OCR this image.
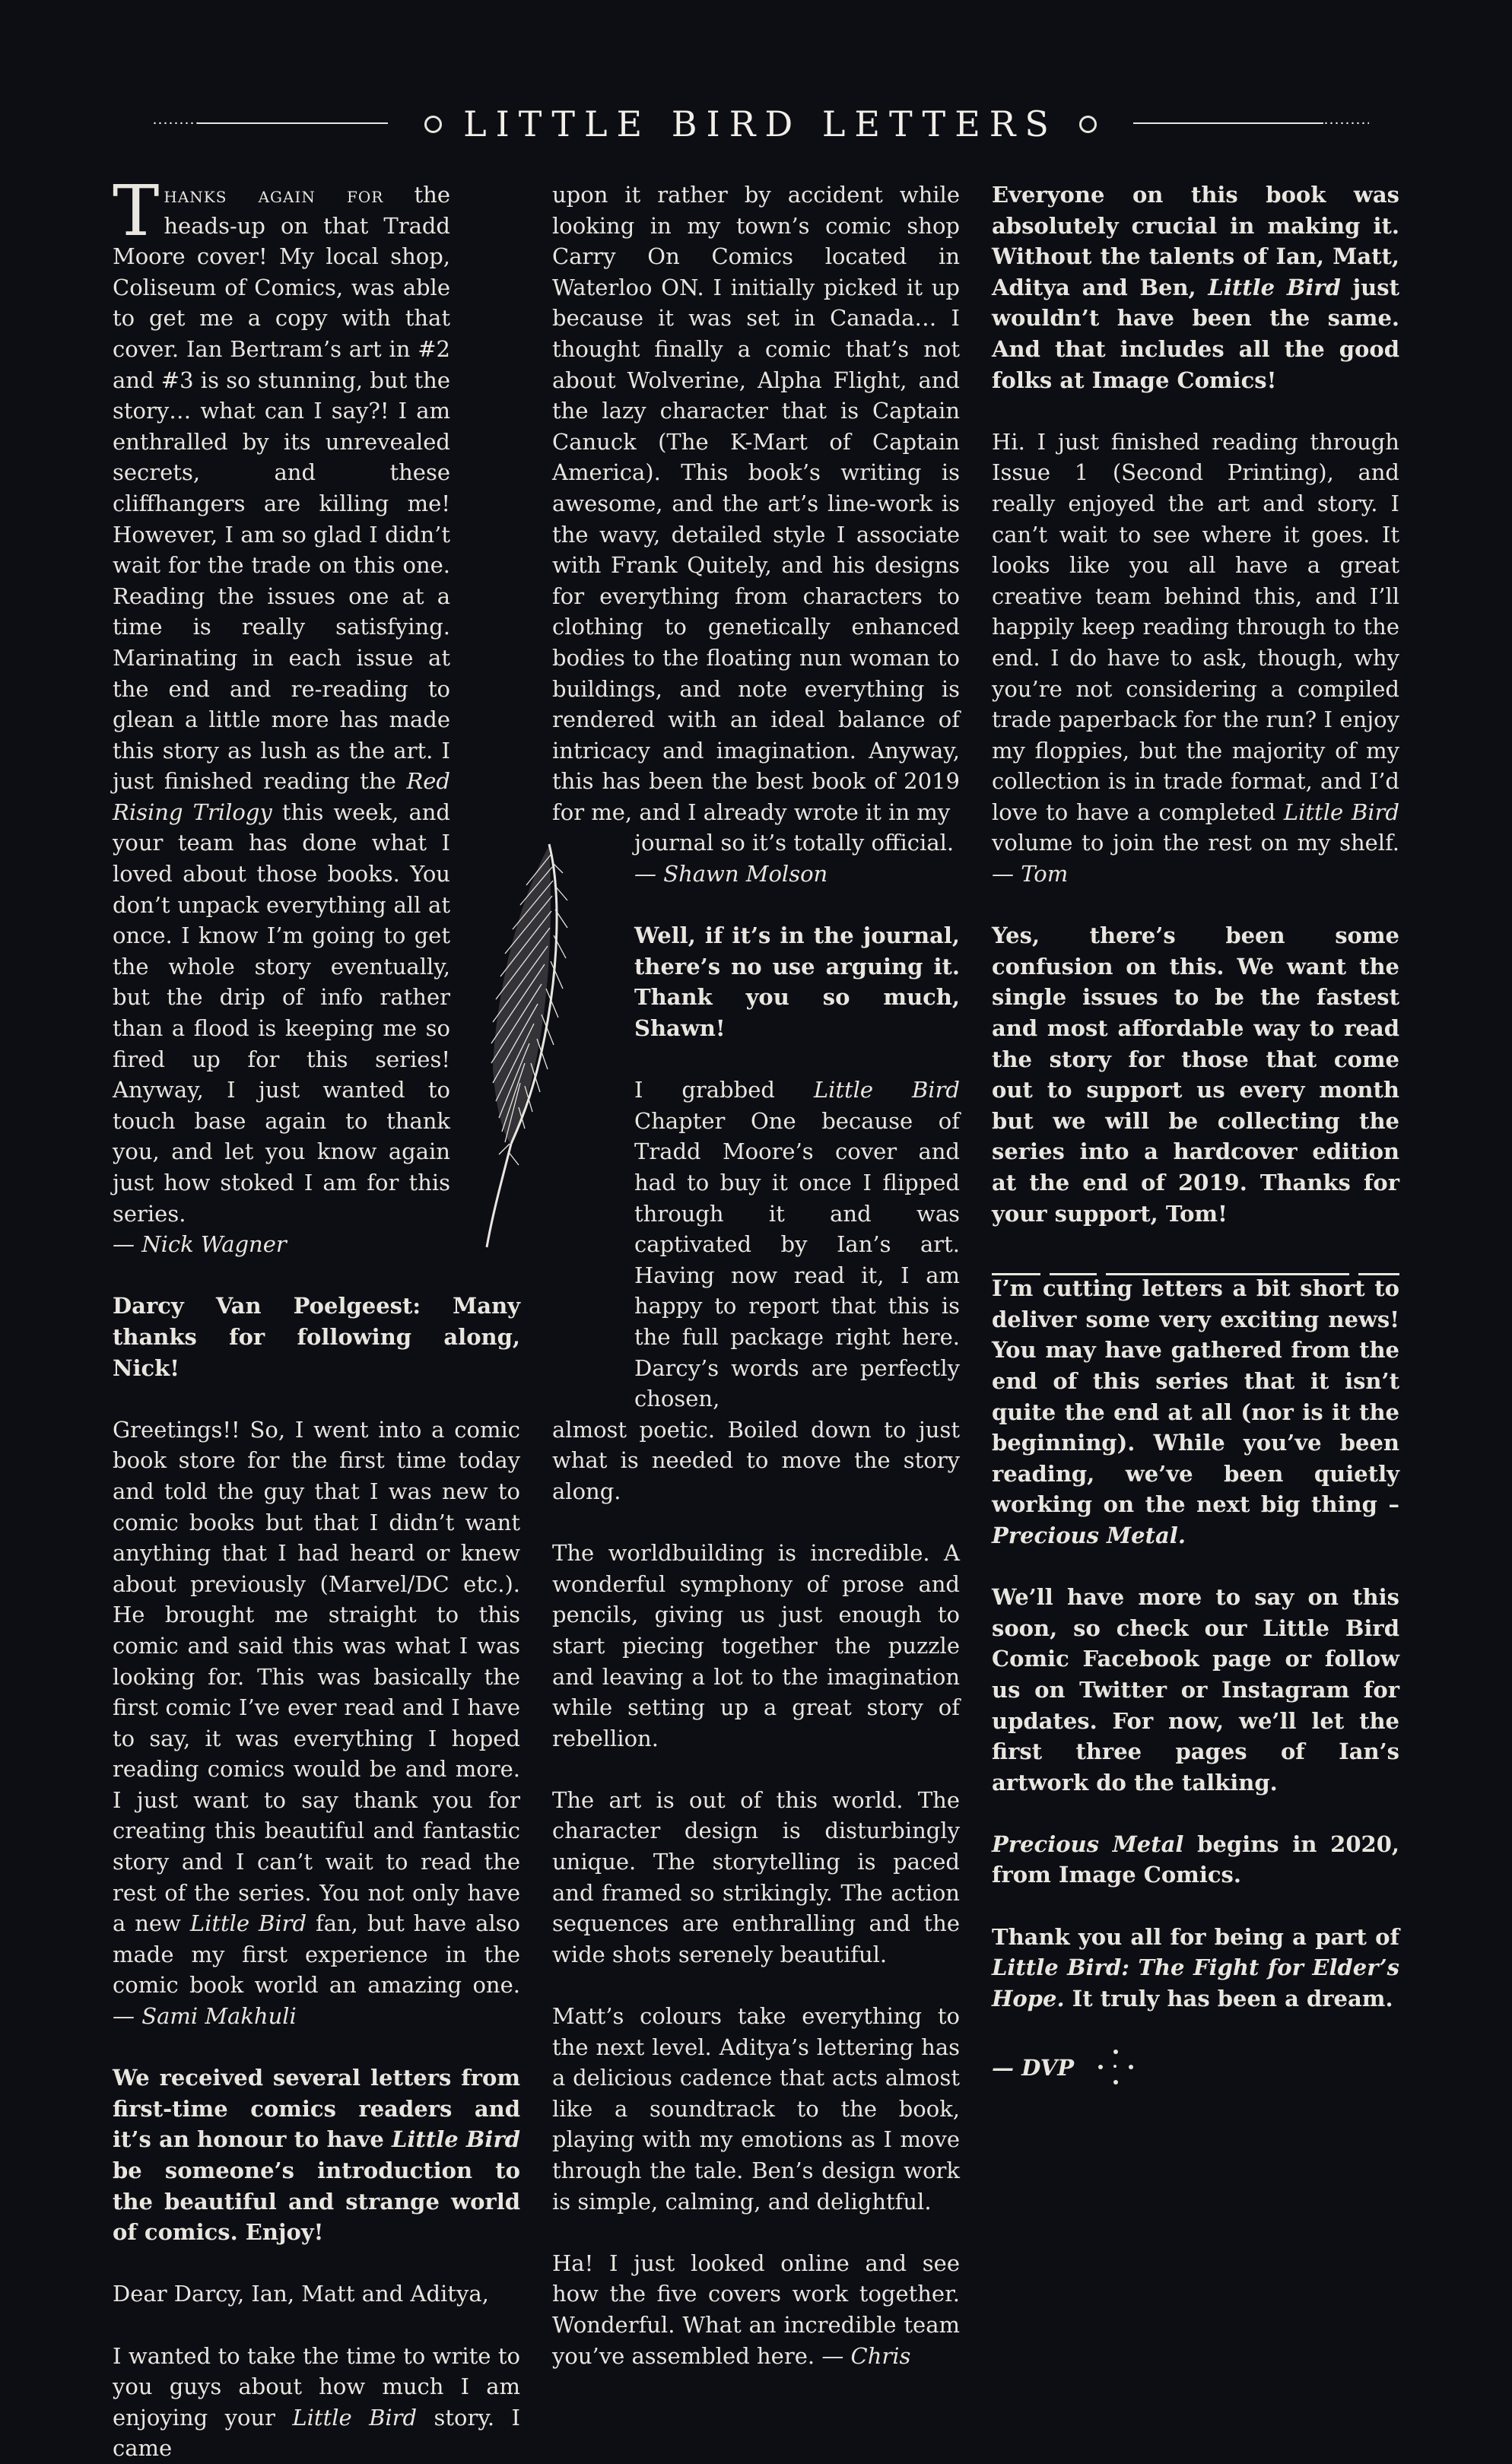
LITTLE BIRD LETTERS

Thanks again for the heads-up on that Tradd Moore cover! My local shop, Coliseum of Comics, was able to get me a copy with that cover. Ian Bertram’s art in #2 and #3 is so stunning, but the story… what can I say?! I am enthralled by its unrevealed secrets, and these cliffhangers are killing me! However, I am so glad I didn’t wait for the trade on this one. Reading the issues one at a time is really satisfying. Marinating in each issue at the end and re-reading to glean a little more has made this story as lush as the art. I just finished reading the Red Rising Trilogy this week, and your team has done what I loved about those books. You don’t unpack everything all at once. I know I’m going to get the whole story eventually, but the drip of info rather than a flood is keeping me so fired up for this series! Anyway, I just wanted to touch base again to thank you, and let you know again just how stoked I am for this series.
— Nick Wagner

Darcy Van Poelgeest: Many thanks for following along, Nick!

Greetings!! So, I went into a comic book store for the first time today and told the guy that I was new to comic books but that I didn’t want anything that I had heard or knew about previously (Marvel/DC etc.). He brought me straight to this comic and said this was what I was looking for. This was basically the first comic I’ve ever read and I have to say, it was everything I hoped reading comics would be and more. I just want to say thank you for creating this beautiful and fantastic story and I can’t wait to read the rest of the series. You not only have a new Little Bird fan, but have also made my first experience in the comic book world an amazing one. — Sami Makhuli

We received several letters from first-time comics readers and it’s an honour to have Little Bird be someone’s introduction to the beautiful and strange world of comics. Enjoy!

Dear Darcy, Ian, Matt and Aditya,

I wanted to take the time to write to you guys about how much I am enjoying your Little Bird story. I came

upon it rather by accident while looking in my town’s comic shop Carry On Comics located in Waterloo ON. I initially picked it up because it was set in Canada… I thought finally a comic that’s not about Wolverine, Alpha Flight, and the lazy character that is Captain Canuck (The K-Mart of Captain America). This book’s writing is awesome, and the art’s line-work is the wavy, detailed style I associate with Frank Quitely, and his designs for everything from characters to clothing to genetically enhanced bodies to the floating nun woman to buildings, and note everything is rendered with an ideal balance of intricacy and imagination. Anyway, this has been the best book of 2019 for me, and I already wrote it in my

journal so it’s totally official.
— Shawn Molson

Well, if it’s in the journal, there’s no use arguing it. Thank you so much, Shawn!

I grabbed Little Bird Chapter One because of Tradd Moore’s cover and had to buy it once I flipped through it and was captivated by Ian’s art. Having now read it, I am happy to report that this is the full package right here. Darcy’s words are perfectly chosen,

almost poetic. Boiled down to just what is needed to move the story along.

The worldbuilding is incredible. A wonderful symphony of prose and pencils, giving us just enough to start piecing together the puzzle and leaving a lot to the imagination while setting up a great story of rebellion.

The art is out of this world. The character design is disturbingly unique. The storytelling is paced and framed so strikingly. The action sequences are enthralling and the wide shots serenely beautiful.

Matt’s colours take everything to the next level. Aditya’s lettering has a delicious cadence that acts almost like a soundtrack to the book, playing with my emotions as I move through the tale. Ben’s design work is simple, calming, and delightful.

Ha! I just looked online and see how the five covers work together. Wonderful. What an incredible team you’ve assembled here. — Chris

Everyone on this book was absolutely crucial in making it. Without the talents of Ian, Matt, Aditya and Ben, Little Bird just wouldn’t have been the same. And that includes all the good folks at Image Comics!

Hi. I just finished reading through Issue 1 (Second Printing), and really enjoyed the art and story. I can’t wait to see where it goes. It looks like you all have a great creative team behind this, and I’ll happily keep reading through to the end. I do have to ask, though, why you’re not considering a compiled trade paperback for the run? I enjoy my floppies, but the majority of my collection is in trade format, and I’d love to have a completed Little Bird volume to join the rest on my shelf. — Tom

Yes, there’s been some confusion on this. We want the single issues to be the fastest and most affordable way to read the story for those that come out to support us every month but we will be collecting the series into a hardcover edition at the end of 2019. Thanks for your support, Tom!

I’m cutting letters a bit short to deliver some very exciting news! You may have gathered from the end of this series that it isn’t quite the end at all (nor is it the beginning). While you’ve been reading, we’ve been quietly working on the next big thing – Precious Metal.

We’ll have more to say on this soon, so check our Little Bird Comic Facebook page or follow us on Twitter or Instagram for updates. For now, we’ll let the first three pages of Ian’s artwork do the talking.

Precious Metal begins in 2020, from Image Comics.

Thank you all for being a part of Little Bird: The Fight for Elder’s Hope. It truly has been a dream.

— DVP
